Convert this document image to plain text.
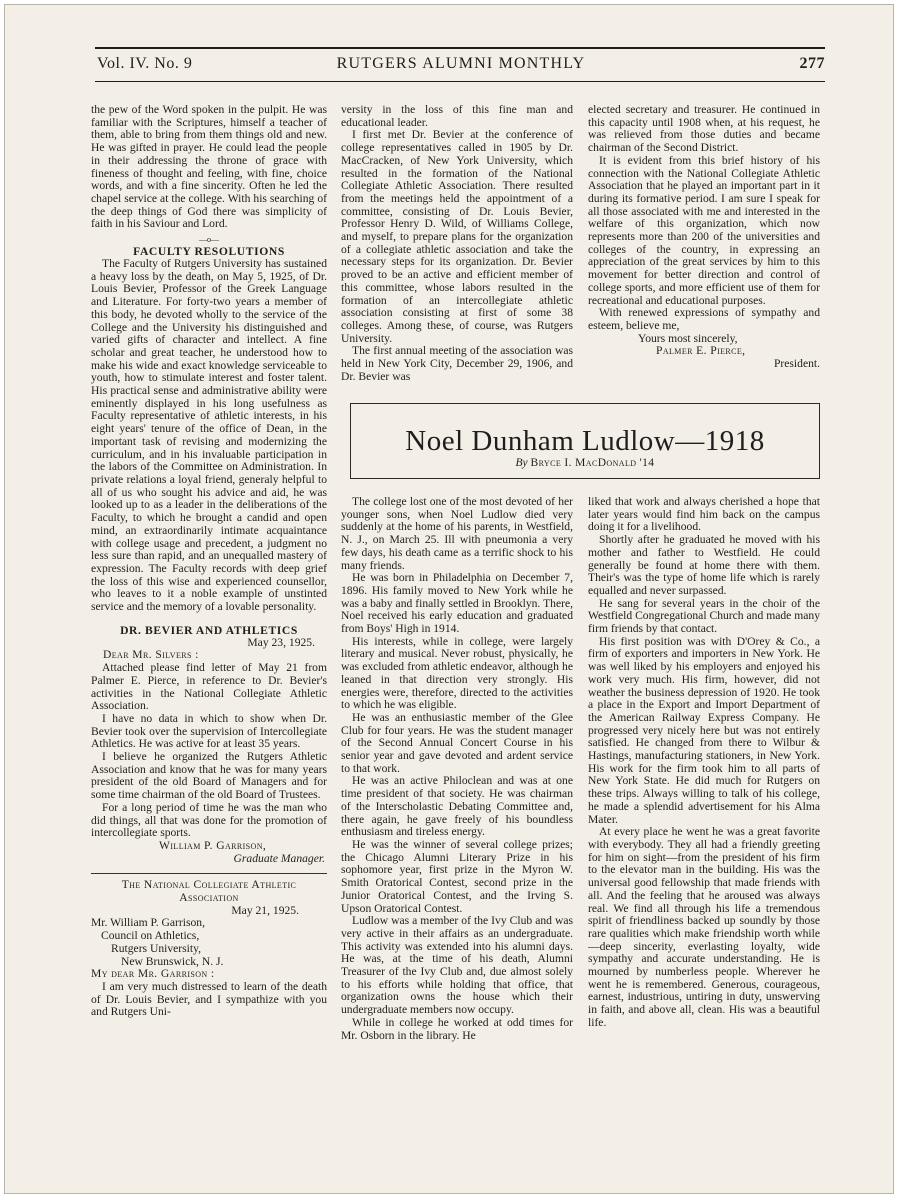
Vol. IV. No. 9	RUTGERS ALUMNI MONTHLY	277

the pew of the Word spoken in the pulpit. He was familiar with the Scriptures, himself a teacher of them, able to bring from them things old and new. He was gifted in prayer. He could lead the people in their addressing the throne of grace with fineness of thought and feeling, with fine, choice words, and with a fine sincerity. Often he led the chapel service at the college. With his searching of the deep things of God there was simplicity of faith in his Saviour and Lord.

—o—
FACULTY RESOLUTIONS

The Faculty of Rutgers University has sustained a heavy loss by the death, on May 5, 1925, of Dr. Louis Bevier, Professor of the Greek Language and Literature. For forty-two years a member of this body, he devoted wholly to the service of the College and the University his distinguished and varied gifts of character and intellect. A fine scholar and great teacher, he understood how to make his wide and exact knowledge serviceable to youth, how to stimulate interest and foster talent. His practical sense and administrative ability were eminently displayed in his long usefulness as Faculty representative of athletic interests, in his eight years' tenure of the office of Dean, in the important task of revising and modernizing the curriculum, and in his invaluable participation in the labors of the Committee on Administration. In private relations a loyal friend, generaly helpful to all of us who sought his advice and aid, he was looked up to as a leader in the deliberations of the Faculty, to which he brought a candid and open mind, an extraordinarily intimate acquaintance with college usage and precedent, a judgment no less sure than rapid, and an unequalled mastery of expression. The Faculty records with deep grief the loss of this wise and experienced counsellor, who leaves to it a noble example of unstinted service and the memory of a lovable personality.

DR. BEVIER AND ATHLETICS
May 23, 1925.

Dear Mr. Silvers :

Attached please find letter of May 21 from Palmer E. Pierce, in reference to Dr. Bevier's activities in the National Collegiate Athletic Association.

I have no data in which to show when Dr. Bevier took over the supervision of Intercollegiate Athletics. He was active for at least 35 years.

I believe he organized the Rutgers Athletic Association and know that he was for many years president of the old Board of Managers and for some time chairman of the old Board of Trustees.

For a long period of time he was the man who did things, all that was done for the promotion of intercollegiate sports.

William P. Garrison,
Graduate Manager.
The National Collegiate Athletic
Association
May 21, 1925.
Mr. William P. Garrison,
Council on Athletics,
Rutgers University,
New Brunswick, N. J.

My dear Mr. Garrison :

I am very much distressed to learn of the death of Dr. Louis Bevier, and I sympathize with you and Rutgers Uni-

versity in the loss of this fine man and educational leader.

I first met Dr. Bevier at the conference of college representatives called in 1905 by Dr. MacCracken, of New York University, which resulted in the formation of the National Collegiate Athletic Association. There resulted from the meetings held the appointment of a committee, consisting of Dr. Louis Bevier, Professor Henry D. Wild, of Williams College, and myself, to prepare plans for the organization of a collegiate athletic association and take the necessary steps for its organization. Dr. Bevier proved to be an active and efficient member of this committee, whose labors resulted in the formation of an intercollegiate athletic association consisting at first of some 38 colleges. Among these, of course, was Rutgers University.

The first annual meeting of the association was held in New York City, December 29, 1906, and Dr. Bevier was

elected secretary and treasurer. He continued in this capacity until 1908 when, at his request, he was relieved from those duties and became chairman of the Second District.

It is evident from this brief history of his connection with the National Collegiate Athletic Association that he played an important part in it during its formative period. I am sure I speak for all those associated with me and interested in the welfare of this organization, which now represents more than 200 of the universities and colleges of the country, in expressing an appreciation of the great services by him to this movement for better direction and control of college sports, and more efficient use of them for recreational and educational purposes.

With renewed expressions of sympathy and esteem, believe me,

Yours most sincerely,
Palmer E. Pierce,
President.
Noel Dunham Ludlow—1918
By Bryce I. MacDonald '14

The college lost one of the most devoted of her younger sons, when Noel Ludlow died very suddenly at the home of his parents, in Westfield, N. J., on March 25. Ill with pneumonia a very few days, his death came as a terrific shock to his many friends.

He was born in Philadelphia on December 7, 1896. His family moved to New York while he was a baby and finally settled in Brooklyn. There, Noel received his early education and graduated from Boys' High in 1914.

His interests, while in college, were largely literary and musical. Never robust, physically, he was excluded from athletic endeavor, although he leaned in that direction very strongly. His energies were, therefore, directed to the activities to which he was eligible.

He was an enthusiastic member of the Glee Club for four years. He was the student manager of the Second Annual Concert Course in his senior year and gave devoted and ardent service to that work.

He was an active Philoclean and was at one time president of that society. He was chairman of the Interscholastic Debating Committee and, there again, he gave freely of his boundless enthusiasm and tireless energy.

He was the winner of several college prizes; the Chicago Alumni Literary Prize in his sophomore year, first prize in the Myron W. Smith Oratorical Contest, second prize in the Junior Oratorical Contest, and the Irving S. Upson Oratorical Contest.

Ludlow was a member of the Ivy Club and was very active in their affairs as an undergraduate. This activity was extended into his alumni days. He was, at the time of his death, Alumni Treasurer of the Ivy Club and, due almost solely to his efforts while holding that office, that organization owns the house which their undergraduate members now occupy.

While in college he worked at odd times for Mr. Osborn in the library. He

liked that work and always cherished a hope that later years would find him back on the campus doing it for a livelihood.

Shortly after he graduated he moved with his mother and father to Westfield. He could generally be found at home there with them. Their's was the type of home life which is rarely equalled and never surpassed.

He sang for several years in the choir of the Westfield Congregational Church and made many firm friends by that contact.

His first position was with D'Orey & Co., a firm of exporters and importers in New York. He was well liked by his employers and enjoyed his work very much. His firm, however, did not weather the business depression of 1920. He took a place in the Export and Import Department of the American Railway Express Company. He progressed very nicely here but was not entirely satisfied. He changed from there to Wilbur & Hastings, manufacturing stationers, in New York. His work for the firm took him to all parts of New York State. He did much for Rutgers on these trips. Always willing to talk of his college, he made a splendid advertisement for his Alma Mater.

At every place he went he was a great favorite with everybody. They all had a friendly greeting for him on sight—from the president of his firm to the elevator man in the building. His was the universal good fellowship that made friends with all. And the feeling that he aroused was always real. We find all through his life a tremendous spirit of friendliness backed up soundly by those rare qualities which make friendship worth while—deep sincerity, everlasting loyalty, wide sympathy and accurate understanding. He is mourned by numberless people. Wherever he went he is remembered. Generous, courageous, earnest, industrious, untiring in duty, unswerving in faith, and above all, clean. His was a beautiful life.
